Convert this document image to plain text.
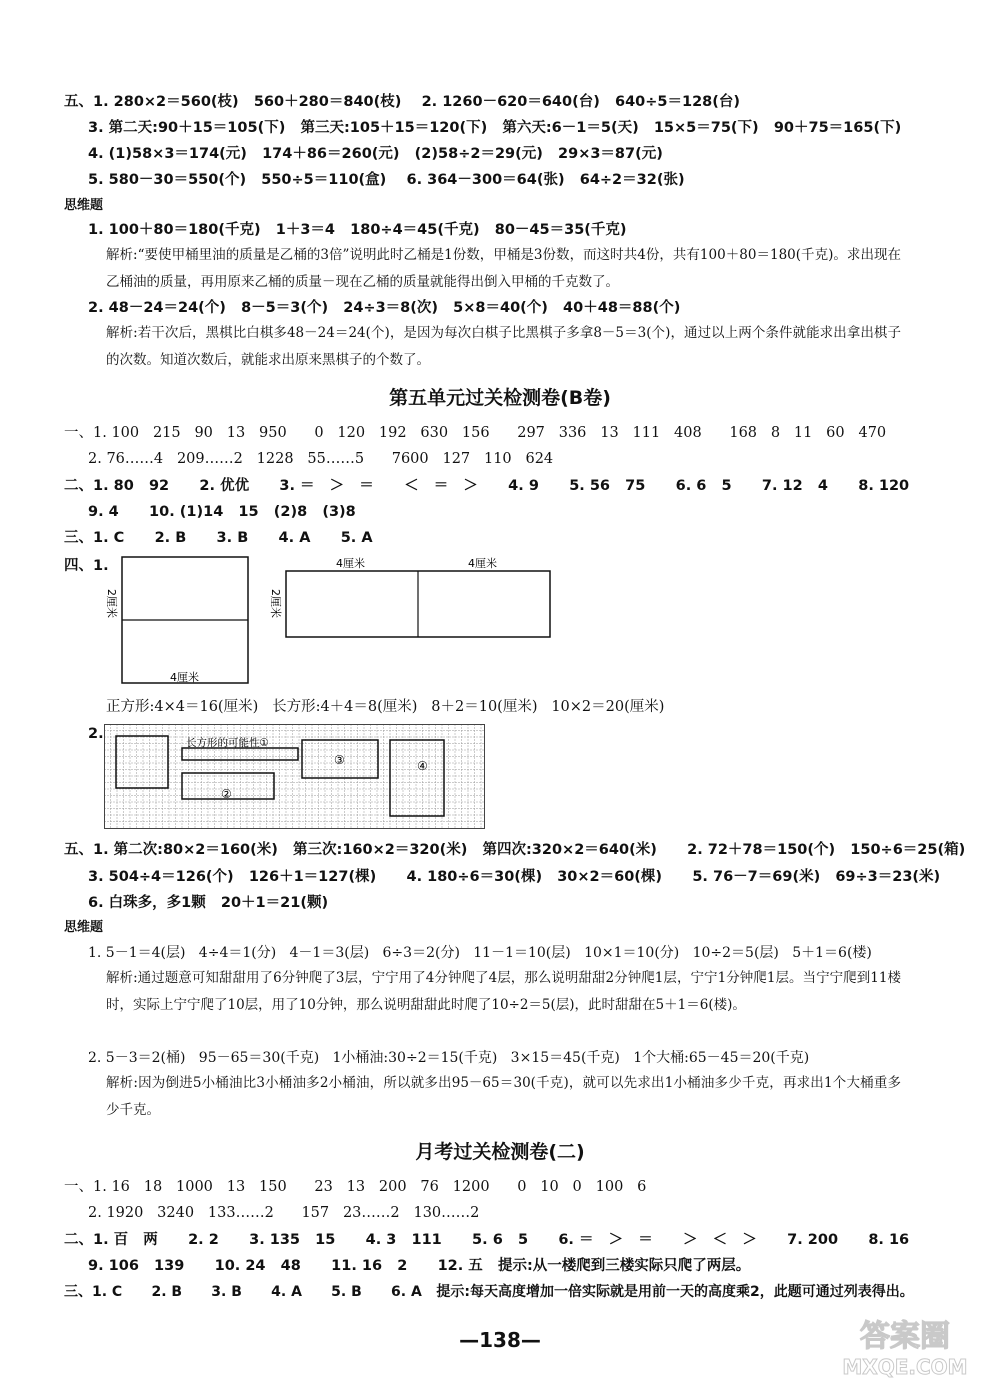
五、1. 280×2＝560(枝)   560＋280＝840(枝)    2. 1260－620＝640(台)   640÷5＝128(台)
3. 第二天:90＋15＝105(下)   第三天:105＋15＝120(下)   第六天:6－1＝5(天)   15×5＝75(下)   90＋75＝165(下)
4. (1)58×3＝174(元)   174＋86＝260(元)   (2)58÷2＝29(元)   29×3＝87(元)
5. 580－30＝550(个)   550÷5＝110(盒)    6. 364－300＝64(张)   64÷2＝32(张)
思维题
1. 100＋80＝180(千克)   1＋3＝4   180÷4＝45(千克)   80－45＝35(千克)
解析:“要使甲桶里油的质量是乙桶的3倍”说明此时乙桶是1份数，甲桶是3份数，而这时共4份，共有100＋80＝180(千克)。求出现在乙桶油的质量，再用原来乙桶的质量－现在乙桶的质量就能得出倒入甲桶的千克数了。
2. 48－24＝24(个)   8－5＝3(个)   24÷3＝8(次)   5×8＝40(个)   40＋48＝88(个)
解析:若干次后，黑棋比白棋多48－24＝24(个)，是因为每次白棋子比黑棋子多拿8－5＝3(个)，通过以上两个条件就能求出拿出棋子的次数。知道次数后，就能求出原来黑棋子的个数了。
第五单元过关检测卷(B卷)
一、1. 100   215   90   13   950      0   120   192   630   156      297   336   13   111   408      168   8   11   60   470
2. 76……4   209……2   1228   55……5      7600   127   110   624
二、1. 80   92      2. 优优      3. ＝   ＞   ＝      ＜   ＝   ＞      4. 9      5. 56   75      6. 6   5      7. 12   4      8. 120
9. 4      10. (1)14   15   (2)8   (3)8
三、1. C      2. B      3. B      4. A      5. A
四、1.
2厘米
4厘米
4厘米	4厘米
2厘米
正方形:4×4＝16(厘米)   长方形:4＋4＝8(厘米)   8＋2＝10(厘米)   10×2＝20(厘米)
2.
长方形的可能性①
②
③	④
五、1. 第二次:80×2＝160(米)   第三次:160×2＝320(米)   第四次:320×2＝640(米)      2. 72＋78＝150(个)   150÷6＝25(箱)
3. 504÷4＝126(个)   126＋1＝127(棵)      4. 180÷6＝30(棵)   30×2＝60(棵)      5. 76－7＝69(米)   69÷3＝23(米)
6. 白珠多，多1颗   20＋1＝21(颗)
思维题
1. 5－1＝4(层)   4÷4＝1(分)   4－1＝3(层)   6÷3＝2(分)   11－1＝10(层)   10×1＝10(分)   10÷2＝5(层)   5＋1＝6(楼)
解析:通过题意可知甜甜用了6分钟爬了3层，宁宁用了4分钟爬了4层，那么说明甜甜2分钟爬1层，宁宁1分钟爬1层。当宁宁爬到11楼时，实际上宁宁爬了10层，用了10分钟，那么说明甜甜此时爬了10÷2＝5(层)，此时甜甜在5＋1＝6(楼)。
2. 5－3＝2(桶)   95－65＝30(千克)   1小桶油:30÷2＝15(千克)   3×15＝45(千克)   1个大桶:65－45＝20(千克)
解析:因为倒进5小桶油比3小桶油多2小桶油，所以就多出95－65＝30(千克)，就可以先求出1小桶油多少千克，再求出1个大桶重多少千克。
月考过关检测卷(二)
一、1. 16   18   1000   13   150      23   13   200   76   1200      0   10   0   100   6
2. 1920   3240   133……2      157   23……2   130……2
二、1. 百   两      2. 2      3. 135   15      4. 3   111      5. 6   5      6. ＝   ＞   ＝      ＞   ＜   ＞      7. 200      8. 16
9. 106   139      10. 24   48      11. 16   2      12. 五   提示:从一楼爬到三楼实际只爬了两层。
三、1. C      2. B      3. B      4. A      5. B      6. A   提示:每天高度增加一倍实际就是用前一天的高度乘2，此题可通过列表得出。
—138—	答案圈
MXQE.COM
